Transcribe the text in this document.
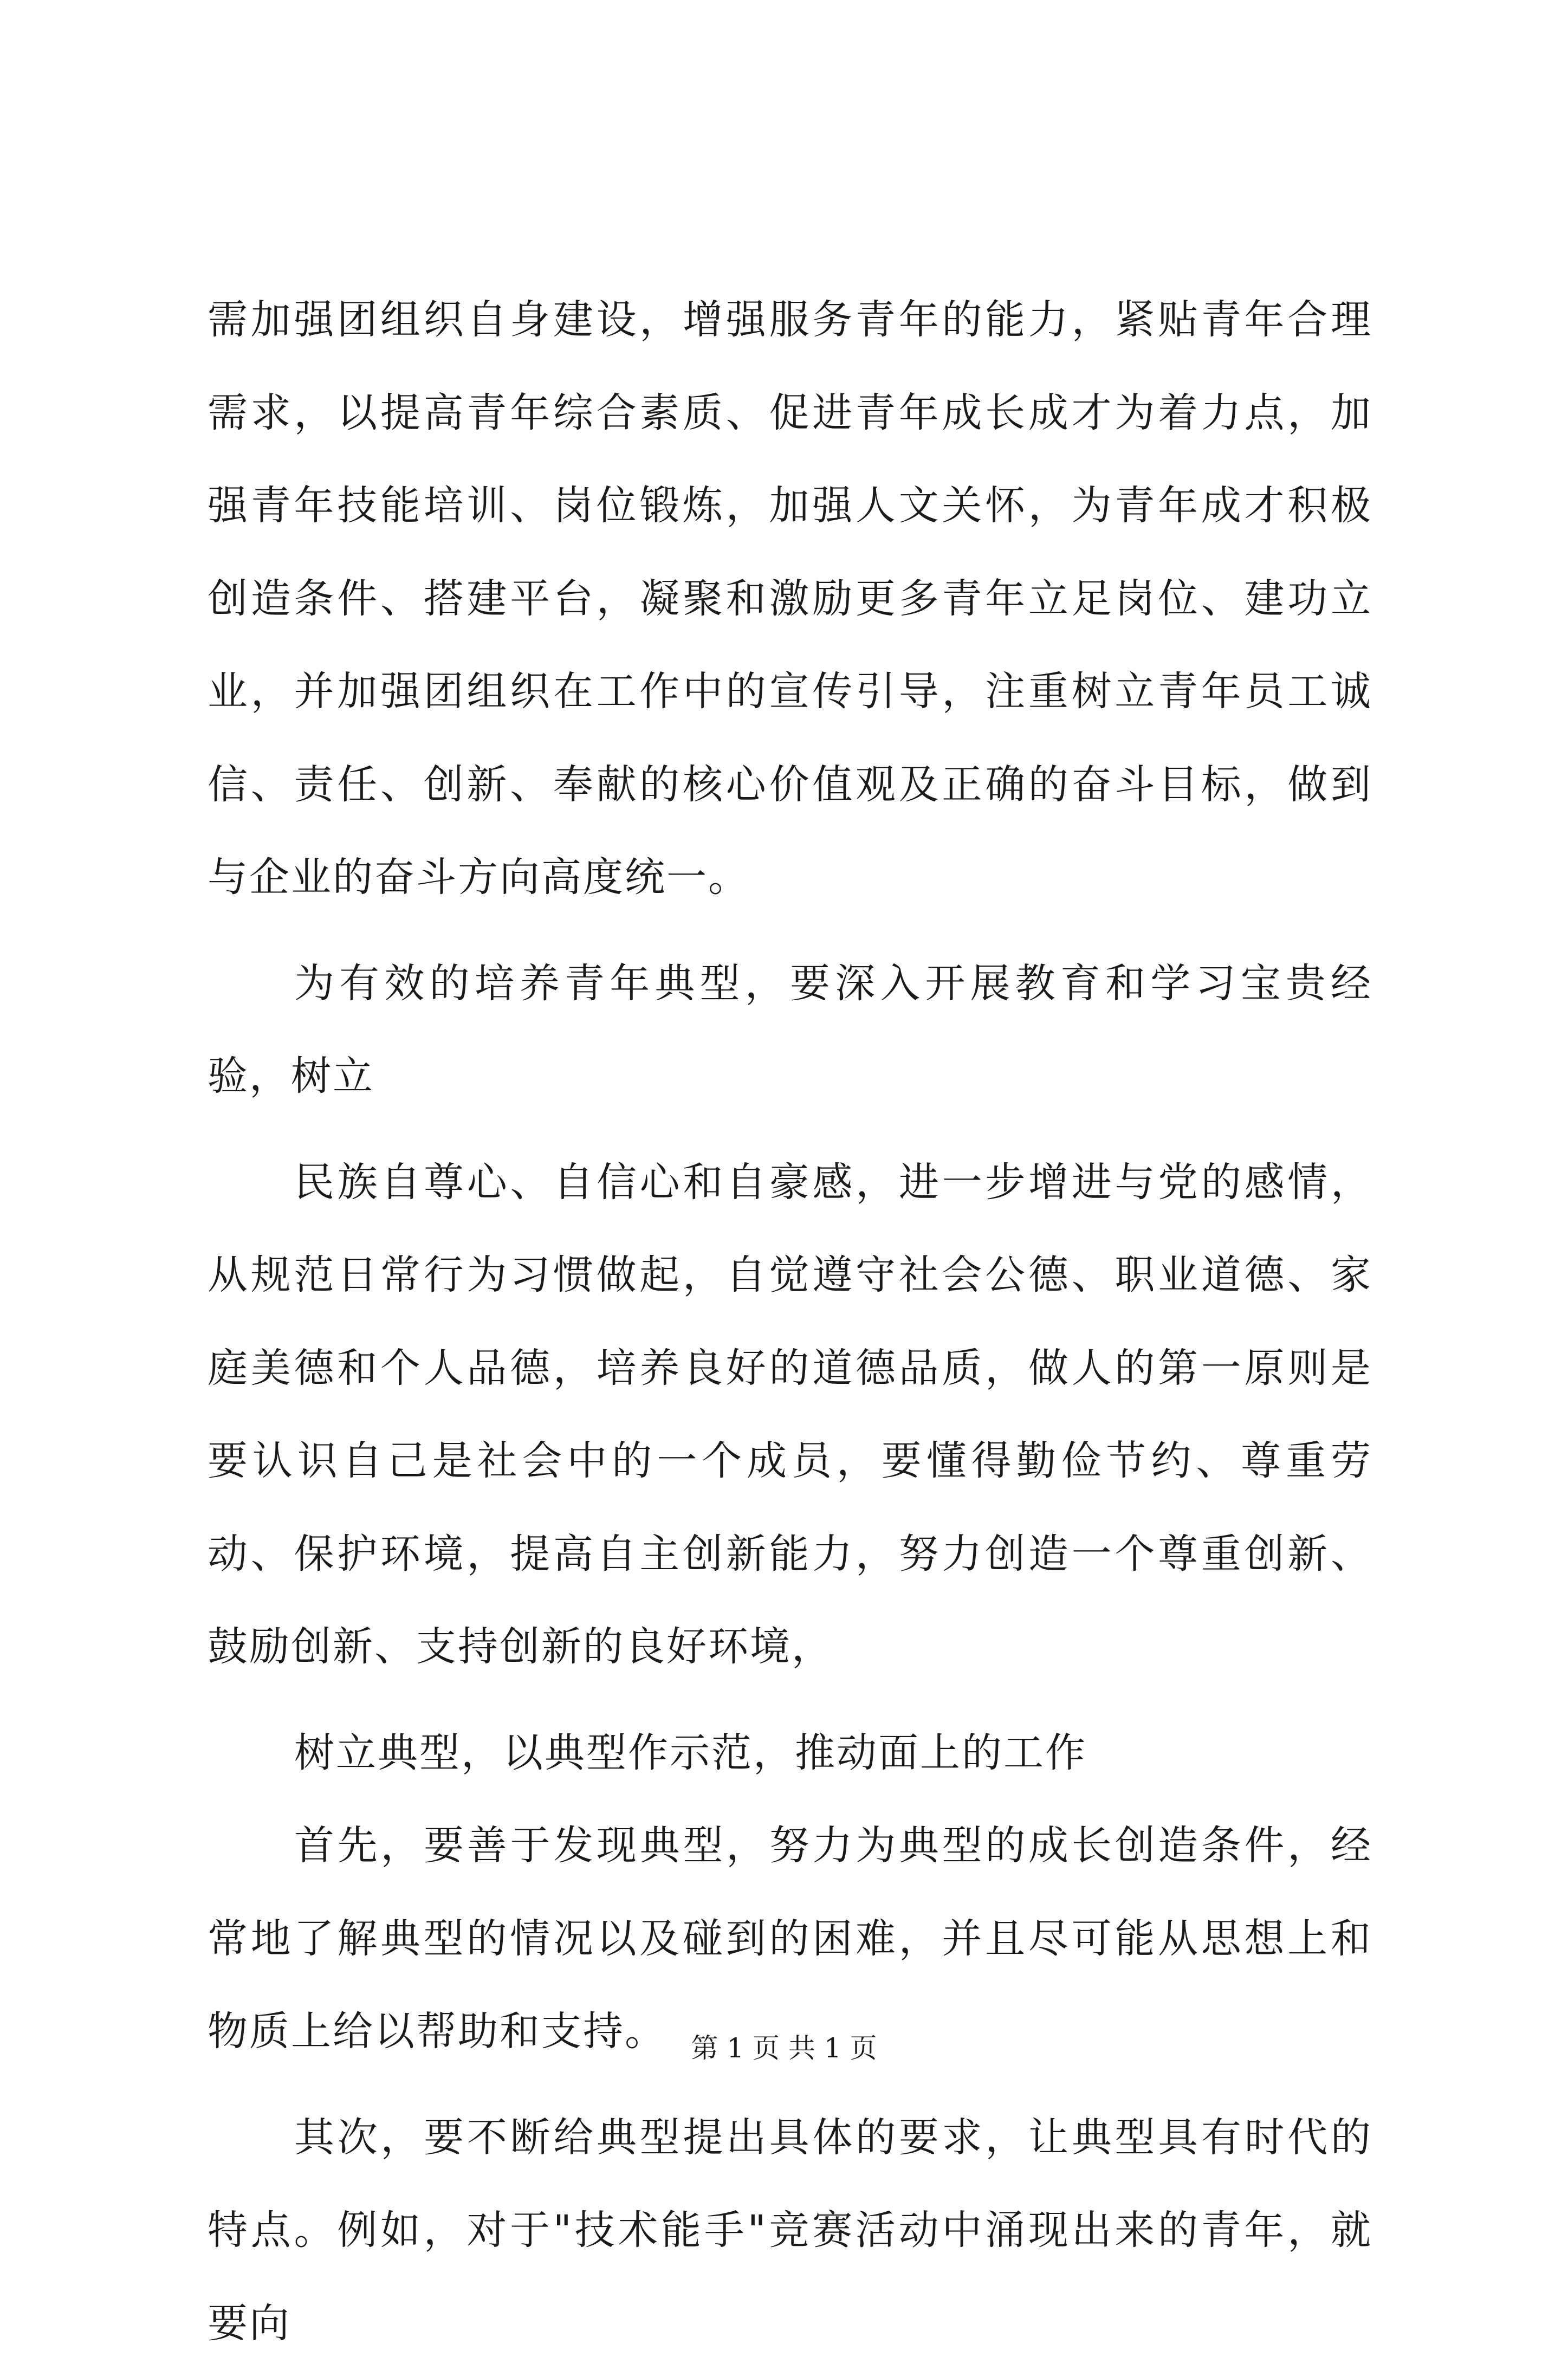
需加强团组织自身建设，增强服务青年的能力，紧贴青年合理需求，以提高青年综合素质、促进青年成长成才为着力点，加强青年技能培训、岗位锻炼，加强人文关怀，为青年成才积极创造条件、搭建平台，凝聚和激励更多青年立足岗位、建功立业，并加强团组织在工作中的宣传引导，注重树立青年员工诚信、责任、创新、奉献的核心价值观及正确的奋斗目标，做到与企业的奋斗方向高度统一。

为有效的培养青年典型，要深入开展教育和学习宝贵经验，树立

民族自尊心、自信心和自豪感，进一步增进与党的感情，从规范日常行为习惯做起，自觉遵守社会公德、职业道德、家庭美德和个人品德，培养良好的道德品质，做人的第一原则是要认识自己是社会中的一个成员，要懂得勤俭节约、尊重劳动、保护环境，提高自主创新能力，努力创造一个尊重创新、鼓励创新、支持创新的良好环境，

树立典型，以典型作示范，推动面上的工作

首先，要善于发现典型，努力为典型的成长创造条件，经常地了解典型的情况以及碰到的困难，并且尽可能从思想上和物质上给以帮助和支持。

其次，要不断给典型提出具体的要求，让典型具有时代的特点。例如，对于"技术能手"竞赛活动中涌现出来的青年，就要向

第 1 页 共 1 页
